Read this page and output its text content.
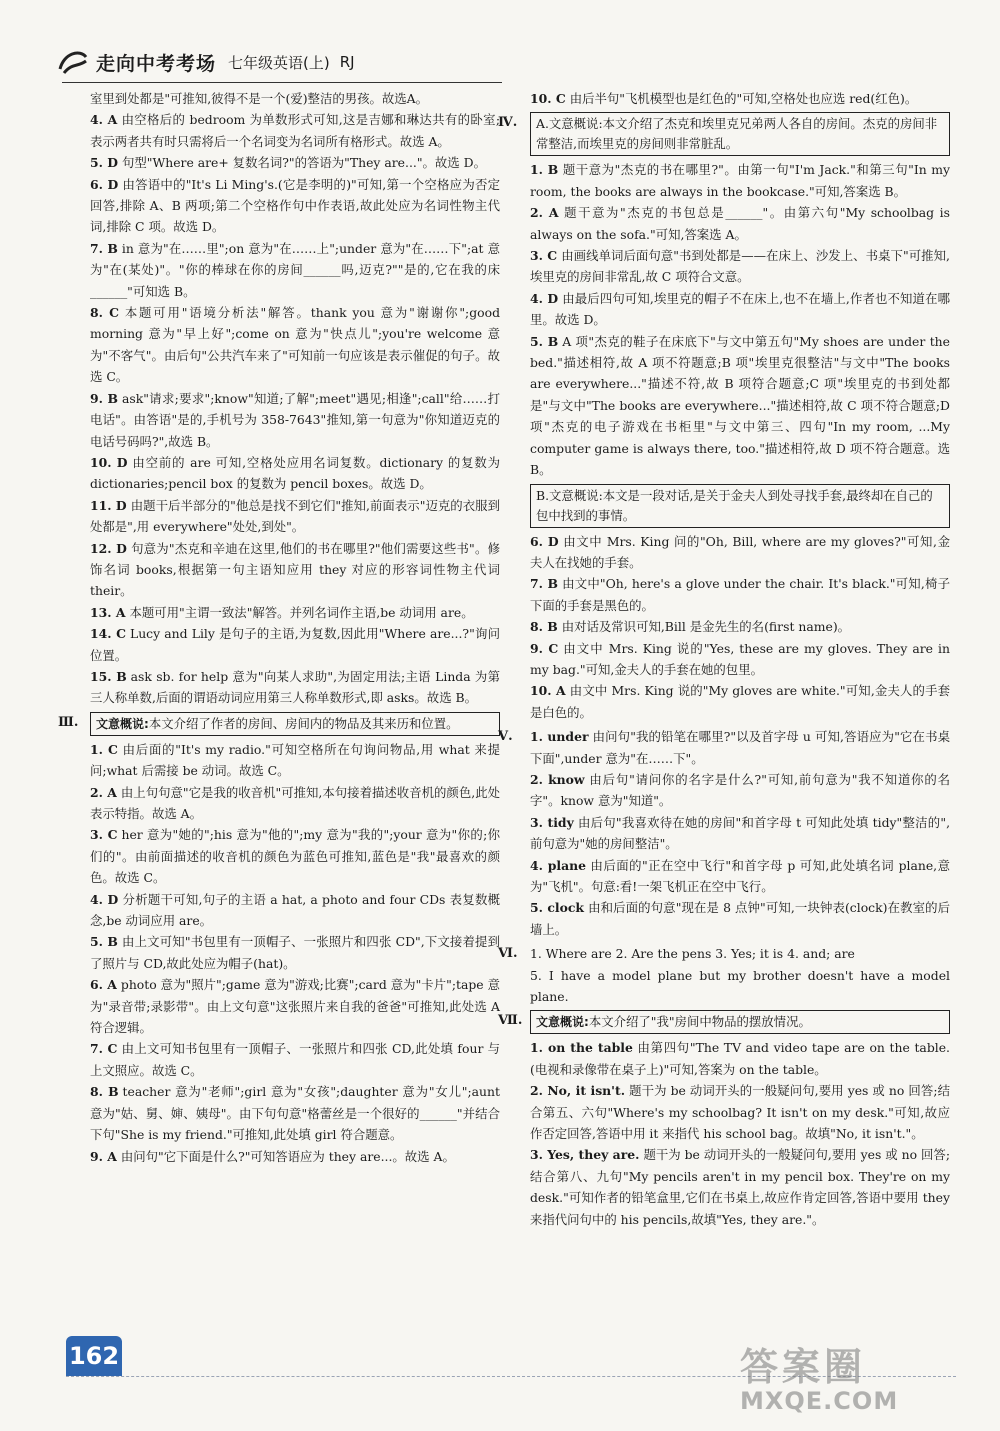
走向中考考场 七年级英语(上) RJ

室里到处都是"可推知,彼得不是一个(爱)整洁的男孩。故选A。

4. A 由空格后的 bedroom 为单数形式可知,这是吉娜和琳达共有的卧室;表示两者共有时只需将后一个名词变为名词所有格形式。故选 A。

5. D 句型"Where are+ 复数名词?"的答语为"They are..."。故选 D。

6. D 由答语中的"It's Li Ming's.(它是李明的)"可知,第一个空格应为否定回答,排除 A、B 两项;第二个空格作句中作表语,故此处应为名词性物主代词,排除 C 项。故选 D。

7. B in 意为"在……里";on 意为"在……上";under 意为"在……下";at 意为"在(某处)"。"你的棒球在你的房间______吗,迈克?""是的,它在我的床______"可知选 B。

8. C 本题可用"语境分析法"解答。thank you 意为"谢谢你";good morning 意为"早上好";come on 意为"快点儿";you're welcome 意为"不客气"。由后句"公共汽车来了"可知前一句应该是表示催促的句子。故选 C。

9. B ask"请求;要求";know"知道;了解";meet"遇见;相逢";call"给……打电话"。由答语"是的,手机号为 358-7643"推知,第一句意为"你知道迈克的电话号码吗?",故选 B。

10. D 由空前的 are 可知,空格处应用名词复数。dictionary 的复数为 dictionaries;pencil box 的复数为 pencil boxes。故选 D。

11. D 由题干后半部分的"他总是找不到它们"推知,前面表示"迈克的衣服到处都是",用 everywhere"处处,到处"。

12. D 句意为"杰克和辛迪在这里,他们的书在哪里?"他们需要这些书"。修饰名词 books,根据第一句主语知应用 they 对应的形容词性物主代词 their。

13. A 本题可用"主谓一致法"解答。并列名词作主语,be 动词用 are。

14. C Lucy and Lily 是句子的主语,为复数,因此用"Where are...?"询问位置。

15. B ask sb. for help 意为"向某人求助",为固定用法;主语 Linda 为第三人称单数,后面的谓语动词应用第三人称单数形式,即 asks。故选 B。

Ⅲ.	文意概说:本文介绍了作者的房间、房间内的物品及其来历和位置。

1. C 由后面的"It's my radio."可知空格所在句询问物品,用 what 来提问;what 后需接 be 动词。故选 C。

2. A 由上句句意"它是我的收音机"可推知,本句接着描述收音机的颜色,此处表示特指。故选 A。

3. C her 意为"她的";his 意为"他的";my 意为"我的";your 意为"你的;你们的"。由前面描述的收音机的颜色为蓝色可推知,蓝色是"我"最喜欢的颜色。故选 C。

4. D 分析题干可知,句子的主语 a hat, a photo and four CDs 表复数概念,be 动词应用 are。

5. B 由上文可知"书包里有一顶帽子、一张照片和四张 CD",下文接着提到了照片与 CD,故此处应为帽子(hat)。

6. A photo 意为"照片";game 意为"游戏;比赛";card 意为"卡片";tape 意为"录音带;录影带"。由上文句意"这张照片来自我的爸爸"可推知,此处选 A 符合逻辑。

7. C 由上文可知书包里有一顶帽子、一张照片和四张 CD,此处填 four 与上文照应。故选 C。

8. B teacher 意为"老师";girl 意为"女孩";daughter 意为"女儿";aunt 意为"姑、舅、婶、姨母"。由下句句意"格蕾丝是一个很好的______"并结合下句"She is my friend."可推知,此处填 girl 符合题意。

9. A 由问句"它下面是什么?"可知答语应为 they are...。故选 A。

10. C 由后半句"飞机模型也是红色的"可知,空格处也应选 red(红色)。

Ⅳ.	A.文意概说:本文介绍了杰克和埃里克兄弟两人各自的房间。杰克的房间非常整洁,而埃里克的房间则非常脏乱。

1. B 题干意为"杰克的书在哪里?"。由第一句"I'm Jack."和第三句"In my room, the books are always in the bookcase."可知,答案选 B。

2. A 题干意为"杰克的书包总是______"。由第六句"My schoolbag is always on the sofa."可知,答案选 A。

3. C 由画线单词后面句意"书到处都是——在床上、沙发上、书桌下"可推知,埃里克的房间非常乱,故 C 项符合文意。

4. D 由最后四句可知,埃里克的帽子不在床上,也不在墙上,作者也不知道在哪里。故选 D。

5. B A 项"杰克的鞋子在床底下"与文中第五句"My shoes are under the bed."描述相符,故 A 项不符题意;B 项"埃里克很整洁"与文中"The books are everywhere..."描述不符,故 B 项符合题意;C 项"埃里克的书到处都是"与文中"The books are everywhere..."描述相符,故 C 项不符合题意;D 项"杰克的电子游戏在书柜里"与文中第三、四句"In my room, ...My computer game is always there, too."描述相符,故 D 项不符合题意。选 B。

B.文意概说:本文是一段对话,是关于金夫人到处寻找手套,最终却在自己的包中找到的事情。

6. D 由文中 Mrs. King 问的"Oh, Bill, where are my gloves?"可知,金夫人在找她的手套。

7. B 由文中"Oh, here's a glove under the chair. It's black."可知,椅子下面的手套是黑色的。

8. B 由对话及常识可知,Bill 是金先生的名(first name)。

9. C 由文中 Mrs. King 说的"Yes, these are my gloves. They are in my bag."可知,金夫人的手套在她的包里。

10. A 由文中 Mrs. King 说的"My gloves are white."可知,金夫人的手套是白色的。

Ⅴ. 1. under 由问句"我的铅笔在哪里?"以及首字母 u 可知,答语应为"它在书桌下面",under 意为"在……下"。

2. know 由后句"请问你的名字是什么?"可知,前句意为"我不知道你的名字"。know 意为"知道"。

3. tidy 由后句"我喜欢待在她的房间"和首字母 t 可知此处填 tidy"整洁的",前句意为"她的房间整洁"。

4. plane 由后面的"正在空中飞行"和首字母 p 可知,此处填名词 plane,意为"飞机"。句意:看!一架飞机正在空中飞行。

5. clock 由和后面的句意"现在是 8 点钟"可知,一块钟表(clock)在教室的后墙上。

Ⅵ. 1. Where are 2. Are the pens 3. Yes; it is 4. and; are

5. I have a model plane but my brother doesn't have a model plane.

Ⅶ.	文意概说:本文介绍了"我"房间中物品的摆放情况。

1. on the table 由第四句"The TV and video tape are on the table.(电视和录像带在桌子上)"可知,答案为 on the table。

2. No, it isn't. 题干为 be 动词开头的一般疑问句,要用 yes 或 no 回答;结合第五、六句"Where's my schoolbag? It isn't on my desk."可知,故应作否定回答,答语中用 it 来指代 his school bag。故填"No, it isn't."。

3. Yes, they are. 题干为 be 动词开头的一般疑问句,要用 yes 或 no 回答;结合第八、九句"My pencils aren't in my pencil box. They're on my desk."可知作者的铅笔盒里,它们在书桌上,故应作肯定回答,答语中要用 they 来指代问句中的 his pencils,故填"Yes, they are."。

162	答案圈
MXQE.COM
